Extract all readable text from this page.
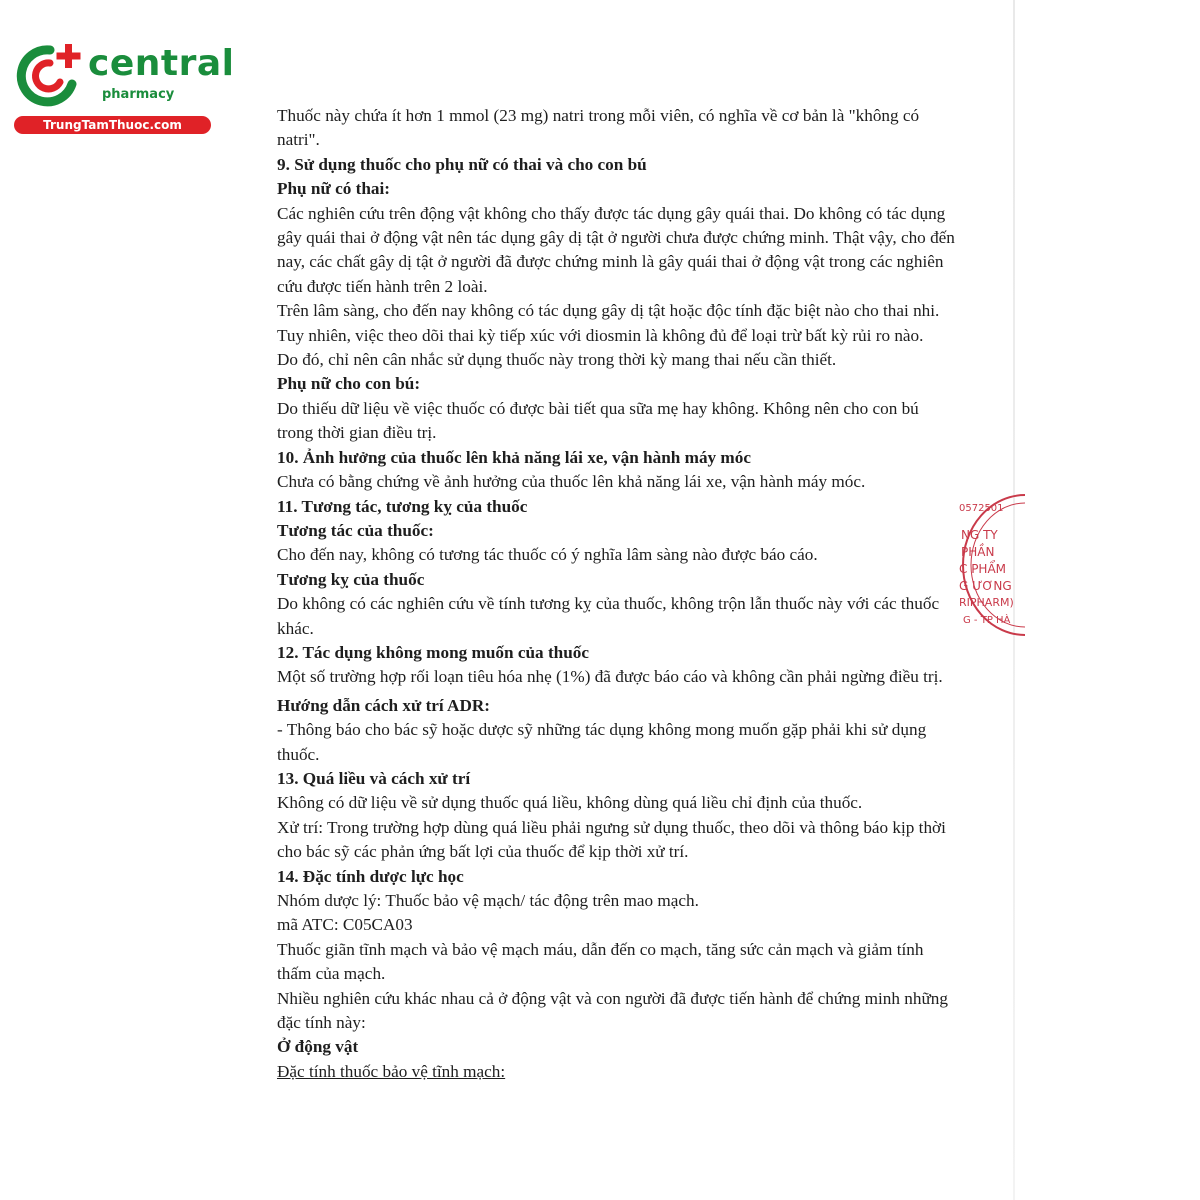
central
pharmacy
TrungTamThuoc.com	Thuốc này chứa ít hơn 1 mmol (23 mg) natri trong mỗi viên, có nghĩa về cơ bản là "không có natri".

9. Sử dụng thuốc cho phụ nữ có thai và cho con bú

Phụ nữ có thai:

Các nghiên cứu trên động vật không cho thấy được tác dụng gây quái thai. Do không có tác dụng gây quái thai ở động vật nên tác dụng gây dị tật ở người chưa được chứng minh. Thật vậy, cho đến nay, các chất gây dị tật ở người đã được chứng minh là gây quái thai ở động vật trong các nghiên cứu được tiến hành trên 2 loài.

Trên lâm sàng, cho đến nay không có tác dụng gây dị tật hoặc độc tính đặc biệt nào cho thai nhi. Tuy nhiên, việc theo dõi thai kỳ tiếp xúc với diosmin là không đủ để loại trừ bất kỳ rủi ro nào.

Do đó, chỉ nên cân nhắc sử dụng thuốc này trong thời kỳ mang thai nếu cần thiết.

Phụ nữ cho con bú:

Do thiếu dữ liệu về việc thuốc có được bài tiết qua sữa mẹ hay không. Không nên cho con bú trong thời gian điều trị.

10. Ảnh hưởng của thuốc lên khả năng lái xe, vận hành máy móc

Chưa có bằng chứng về ảnh hưởng của thuốc lên khả năng lái xe, vận hành máy móc.

11. Tương tác, tương kỵ của thuốc

Tương tác của thuốc:

Cho đến nay, không có tương tác thuốc có ý nghĩa lâm sàng nào được báo cáo.

Tương kỵ của thuốc

Do không có các nghiên cứu về tính tương kỵ của thuốc, không trộn lẫn thuốc này với các thuốc khác.

12. Tác dụng không mong muốn của thuốc

Một số trường hợp rối loạn tiêu hóa nhẹ (1%) đã được báo cáo và không cần phải ngừng điều trị.

Hướng dẫn cách xử trí ADR:

- Thông báo cho bác sỹ hoặc dược sỹ những tác dụng không mong muốn gặp phải khi sử dụng thuốc.

13. Quá liều và cách xử trí

Không có dữ liệu về sử dụng thuốc quá liều, không dùng quá liều chỉ định của thuốc.

Xử trí: Trong trường hợp dùng quá liều phải ngưng sử dụng thuốc, theo dõi và thông báo kịp thời cho bác sỹ các phản ứng bất lợi của thuốc để kịp thời xử trí.

14. Đặc tính dược lực học

Nhóm dược lý: Thuốc bảo vệ mạch/ tác động trên mao mạch.

mã ATC: C05CA03

Thuốc giãn tĩnh mạch và bảo vệ mạch máu, dẫn đến co mạch, tăng sức cản mạch và giảm tính thấm của mạch.

Nhiều nghiên cứu khác nhau cả ở động vật và con người đã được tiến hành để chứng minh những đặc tính này:

Ở động vật

Đặc tính thuốc bảo vệ tĩnh mạch:

0572501
NG TY
PHẦN
C PHẨM
G ƯƠNG
RIPHARM)
G - TP HÀ
